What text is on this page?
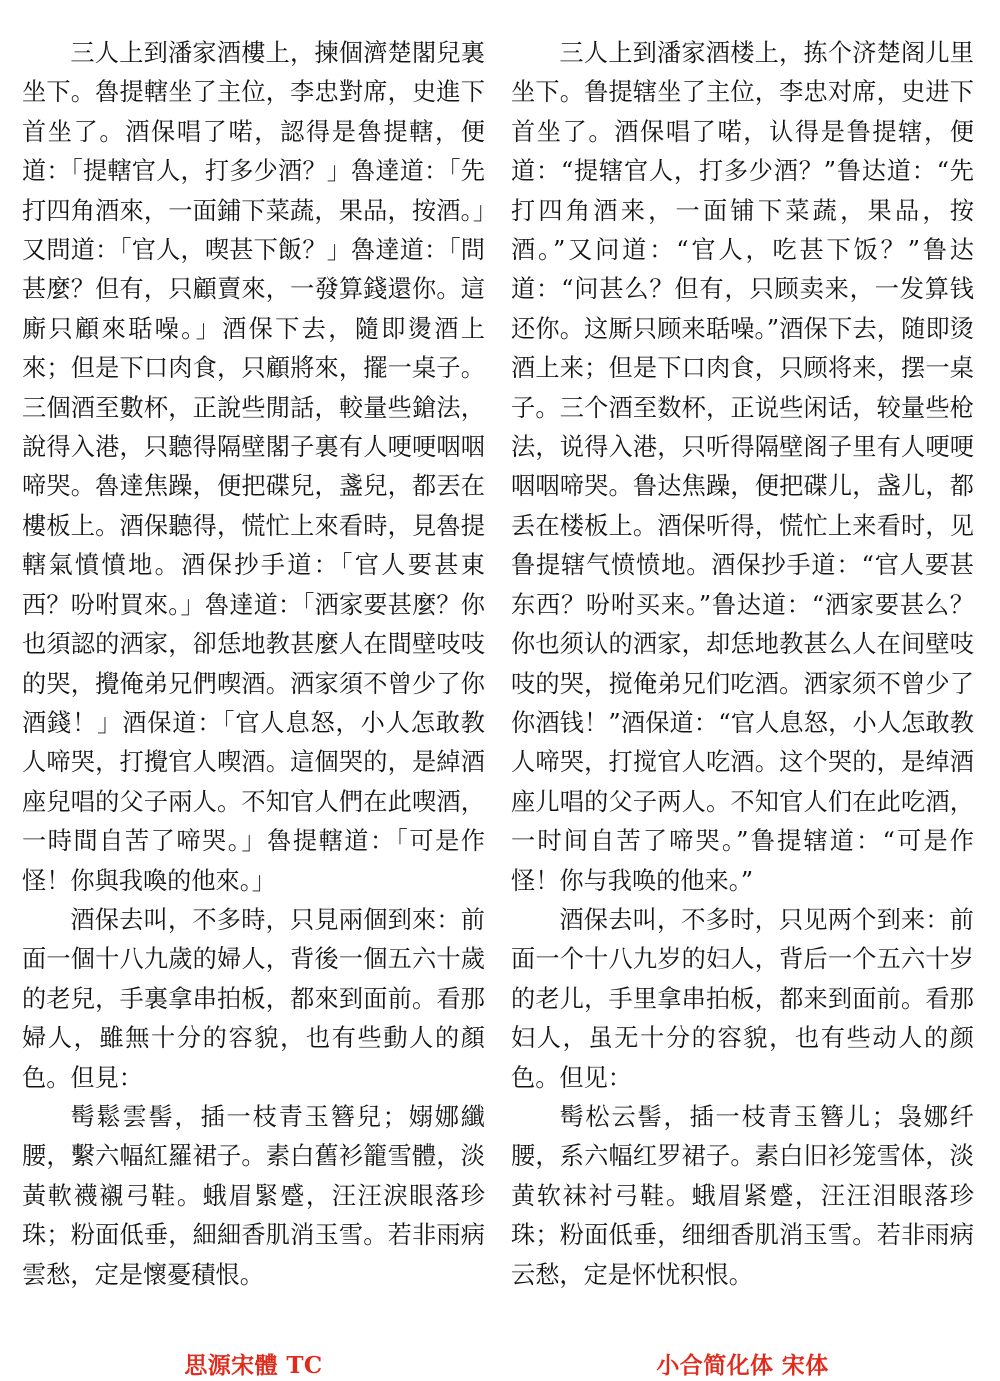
三人上到潘家酒樓上，揀個濟楚閣兒裏坐下。魯提轄坐了主位，李忠對席，史進下首坐了。酒保唱了喏，認得是魯提轄，便道：「提轄官人，打多少酒？」魯達道：「先打四角酒來，一面鋪下菜蔬，果品，按酒。」又問道：「官人，喫甚下飯？」魯達道：「問甚麼？但有，只顧賣來，一發算錢還你。這廝只顧來聒噪。」酒保下去，隨即燙酒上來；但是下口肉食，只顧將來，擺一桌子。三個酒至數杯，正說些閒話，較量些鎗法，說得入港，只聽得隔壁閣子裏有人哽哽咽咽啼哭。魯達焦躁，便把碟兒，盞兒，都丟在樓板上。酒保聽得，慌忙上來看時，見魯提轄氣憤憤地。酒保抄手道：「官人要甚東西？吩咐買來。」魯達道：「洒家要甚麼？你也須認的洒家，卻恁地教甚麼人在間壁吱吱的哭，攪俺弟兄們喫酒。洒家須不曾少了你酒錢！」酒保道：「官人息怒，小人怎敢教人啼哭，打攪官人喫酒。這個哭的，是綽酒座兒唱的父子兩人。不知官人們在此喫酒，一時間自苦了啼哭。」魯提轄道：「可是作怪！你與我喚的他來。」

酒保去叫，不多時，只見兩個到來：前面一個十八九歲的婦人，背後一個五六十歲的老兒，手裏拿串拍板，都來到面前。看那婦人，雖無十分的容貌，也有些動人的顏色。但見：

髩鬆雲髻，插一枝青玉簪兒；嫋娜纖腰，繫六幅紅羅裙子。素白舊衫籠雪體，淡黃軟襪襯弓鞋。蛾眉緊蹙，汪汪淚眼落珍珠；粉面低垂，細細香肌消玉雪。若非雨病雲愁，定是懷憂積恨。

三人上到潘家酒楼上，拣个济楚阁儿里坐下。鲁提辖坐了主位，李忠对席，史进下首坐了。酒保唱了喏，认得是鲁提辖，便道：“提辖官人，打多少酒？”鲁达道：“先打四角酒来，一面铺下菜蔬，果品，按酒。”又问道：“官人，吃甚下饭？”鲁达道：“问甚么？但有，只顾卖来，一发算钱还你。这厮只顾来聒噪。”酒保下去，随即烫酒上来；但是下口肉食，只顾将来，摆一桌子。三个酒至数杯，正说些闲话，较量些枪法，说得入港，只听得隔壁阁子里有人哽哽咽咽啼哭。鲁达焦躁，便把碟儿，盏儿，都丢在楼板上。酒保听得，慌忙上来看时，见鲁提辖气愤愤地。酒保抄手道：“官人要甚东西？吩咐买来。”鲁达道：“洒家要甚么？你也须认的洒家，却恁地教甚么人在间壁吱吱的哭，搅俺弟兄们吃酒。洒家须不曾少了你酒钱！”酒保道：“官人息怒，小人怎敢教人啼哭，打搅官人吃酒。这个哭的，是绰酒座儿唱的父子两人。不知官人们在此吃酒，一时间自苦了啼哭。”鲁提辖道：“可是作怪！你与我唤的他来。”

酒保去叫，不多时，只见两个到来：前面一个十八九岁的妇人，背后一个五六十岁的老儿，手里拿串拍板，都来到面前。看那妇人，虽无十分的容貌，也有些动人的颜色。但见：

髩松云髻，插一枝青玉簪儿；袅娜纤腰，系六幅红罗裙子。素白旧衫笼雪体，淡黄软袜衬弓鞋。蛾眉紧蹙，汪汪泪眼落珍珠；粉面低垂，细细香肌消玉雪。若非雨病云愁，定是怀忧积恨。

思源宋體 TC	小合简化体 宋体
